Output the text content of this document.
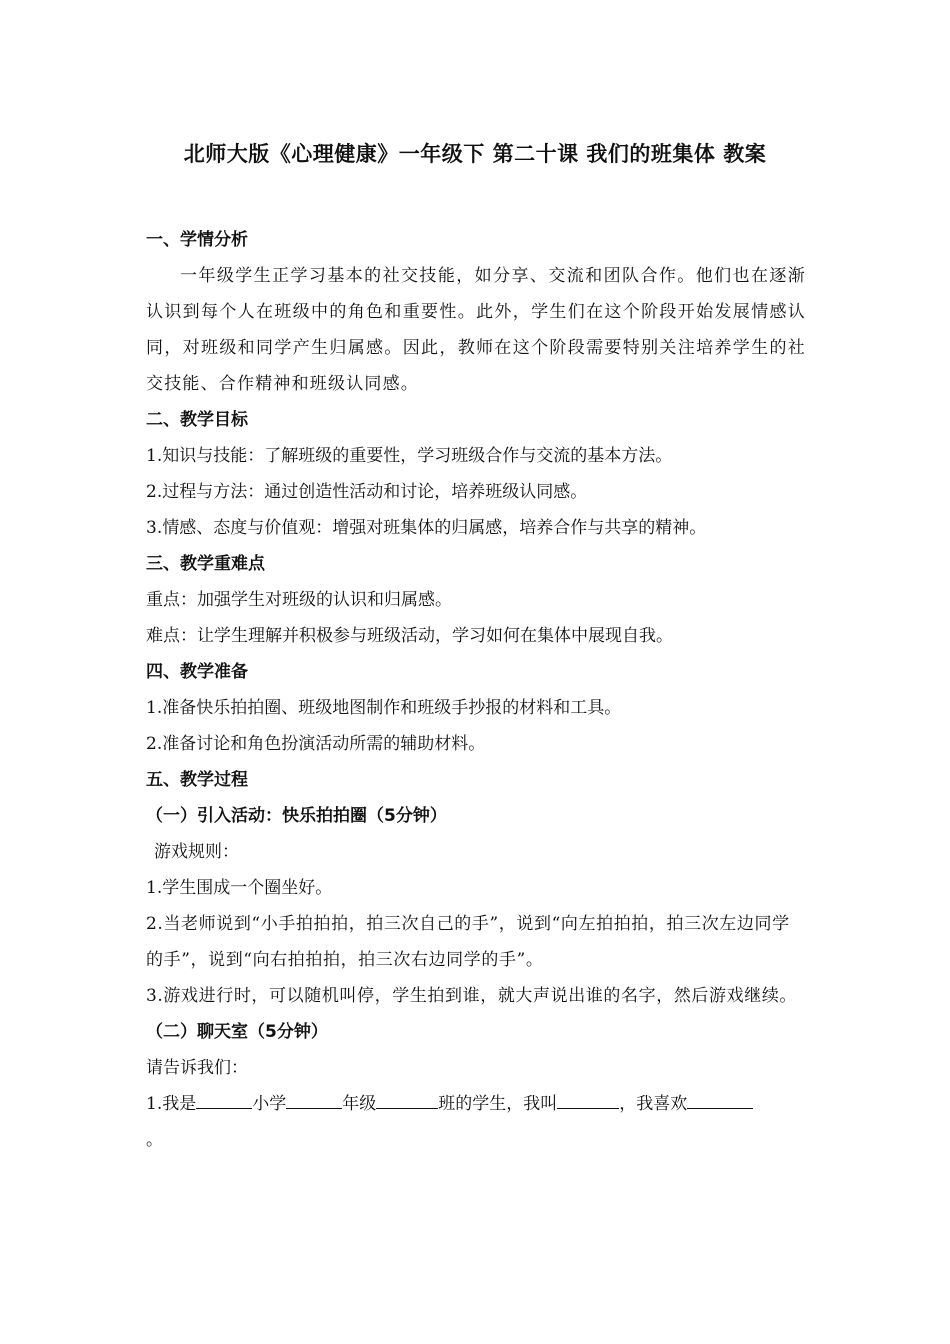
北师大版《心理健康》一年级下 第二十课 我们的班集体 教案
一、学情分析
一年级学生正学习基本的社交技能，如分享、交流和团队合作。他们也在逐渐认识到每个人在班级中的角色和重要性。此外，学生们在这个阶段开始发展情感认同，对班级和同学产生归属感。因此，教师在这个阶段需要特别关注培养学生的社交技能、合作精神和班级认同感。
二、教学目标
1.知识与技能：了解班级的重要性，学习班级合作与交流的基本方法。
2.过程与方法：通过创造性活动和讨论，培养班级认同感。
3.情感、态度与价值观：增强对班集体的归属感，培养合作与共享的精神。
三、教学重难点
重点：加强学生对班级的认识和归属感。
难点：让学生理解并积极参与班级活动，学习如何在集体中展现自我。
四、教学准备
1.准备快乐拍拍圈、班级地图制作和班级手抄报的材料和工具。
2.准备讨论和角色扮演活动所需的辅助材料。
五、教学过程
（一）引入活动：快乐拍拍圈（5分钟）
游戏规则：
1.学生围成一个圈坐好。
2.当老师说到“小手拍拍拍，拍三次自己的手”，说到“向左拍拍拍，拍三次左边同学的手”，说到“向右拍拍拍，拍三次右边同学的手”。
3.游戏进行时，可以随机叫停，学生拍到谁，就大声说出谁的名字，然后游戏继续。
（二）聊天室（5分钟）
请告诉我们：
1.我是	小学	年级	班的学生，我叫	，我喜欢
。
